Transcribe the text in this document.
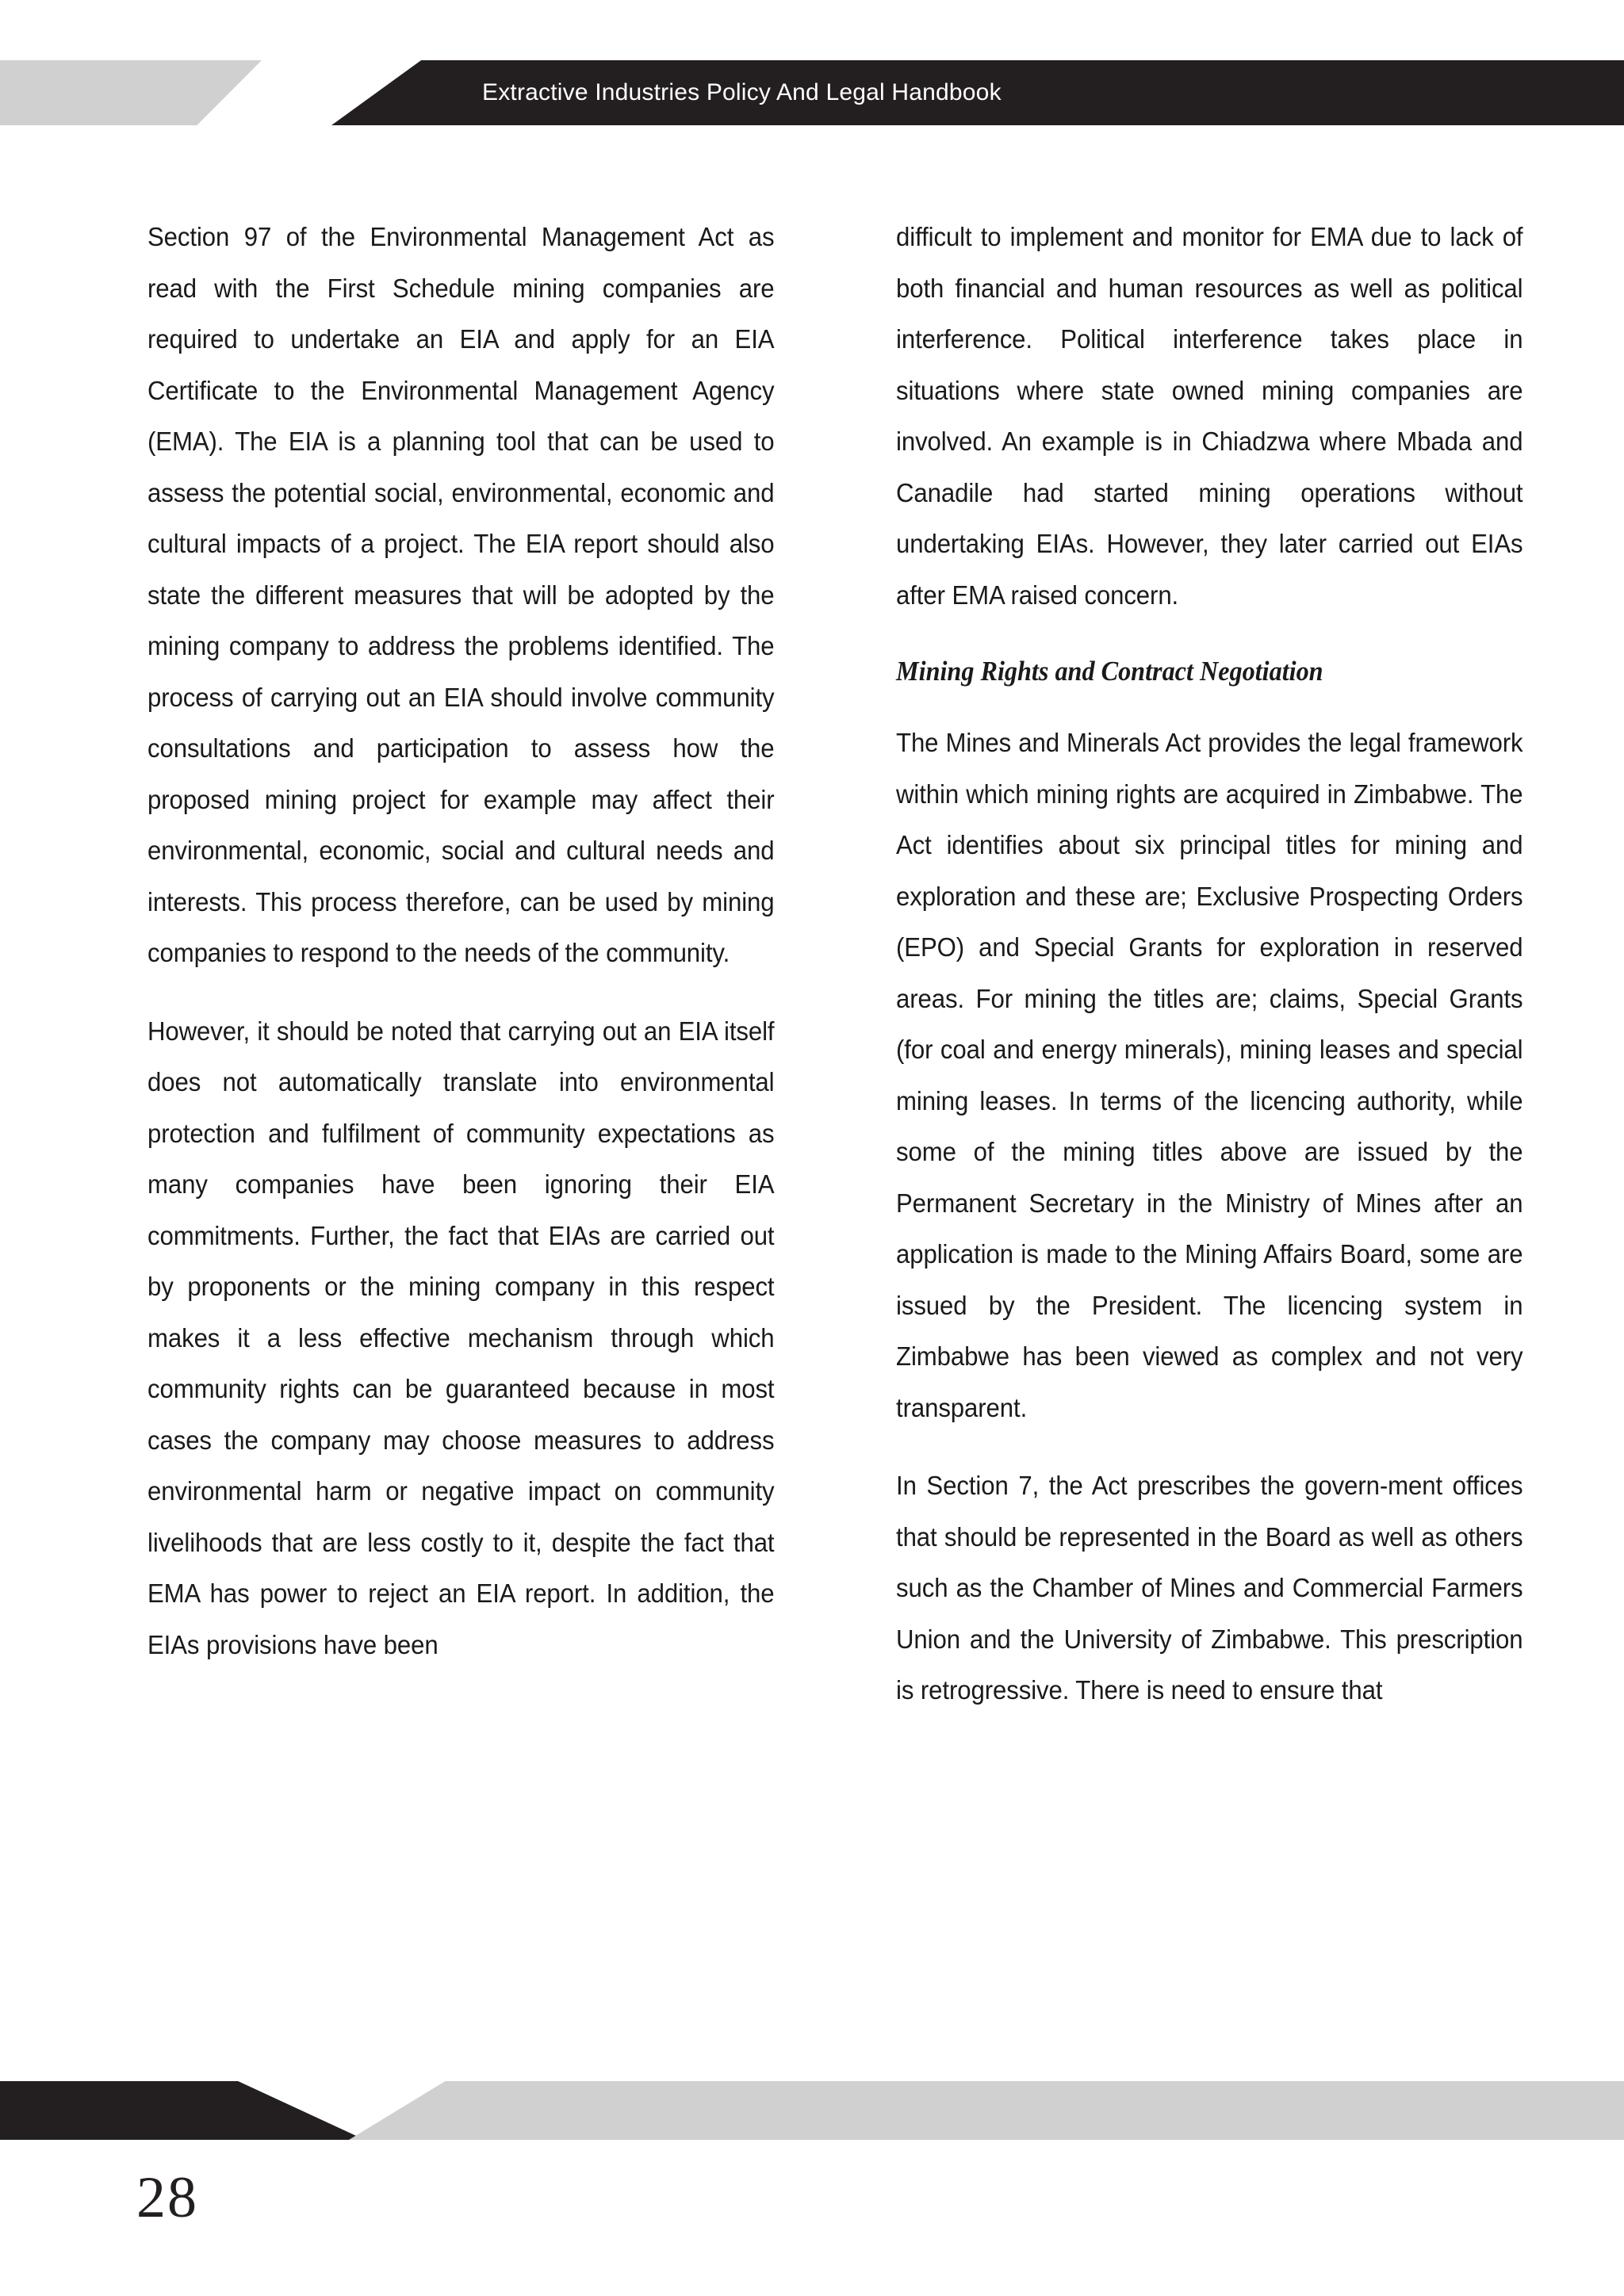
Extractive Industries Policy And Legal Handbook

Section 97 of the Environmental Management Act as read with the First Schedule mining companies are required to undertake an EIA and apply for an EIA Certificate to the Environmental Management Agency (EMA). The EIA is a planning tool that can be used to assess the potential social, environmental, economic and cultural impacts of a project. The EIA report should also state the different measures that will be adopted by the mining company to address the problems identified. The process of carrying out an EIA should involve community consultations and participation to assess how the proposed mining project for example may affect their environmental, economic, social and cultural needs and interests. This process therefore, can be used by mining companies to respond to the needs of the community.

However, it should be noted that carrying out an EIA itself does not automatically translate into environmental protection and fulfilment of community expectations as many companies have been ignoring their EIA commitments. Further, the fact that EIAs are carried out by proponents or the mining company in this respect makes it a less effective mechanism through which community rights can be guaranteed because in most cases the company may choose measures to address environmental harm or negative impact on community livelihoods that are less costly to it, despite the fact that EMA has power to reject an EIA report. In addition, the EIAs provisions have been

difficult to implement and monitor for EMA due to lack of both financial and human resources as well as political interference. Political interference takes place in situations where state owned mining companies are involved. An example is in Chiadzwa where Mbada and Canadile had started mining operations without undertaking EIAs. However, they later carried out EIAs after EMA raised concern.

Mining Rights and Contract Negotiation

The Mines and Minerals Act provides the legal framework within which mining rights are acquired in Zimbabwe. The Act identifies about six principal titles for mining and exploration and these are; Exclusive Prospecting Orders (EPO) and Special Grants for exploration in reserved areas. For mining the titles are; claims, Special Grants (for coal and energy minerals), mining leases and special mining leases. In terms of the licencing authority, while some of the mining titles above are issued by the Permanent Secretary in the Ministry of Mines after an application is made to the Mining Affairs Board, some are issued by the President. The licencing system in Zimbabwe has been viewed as complex and not very transparent.

In Section 7, the Act prescribes the govern-ment offices that should be represented in the Board as well as others such as the Chamber of Mines and Commercial Farmers Union and the University of Zimbabwe. This prescription is retrogressive. There is need to ensure that

28
